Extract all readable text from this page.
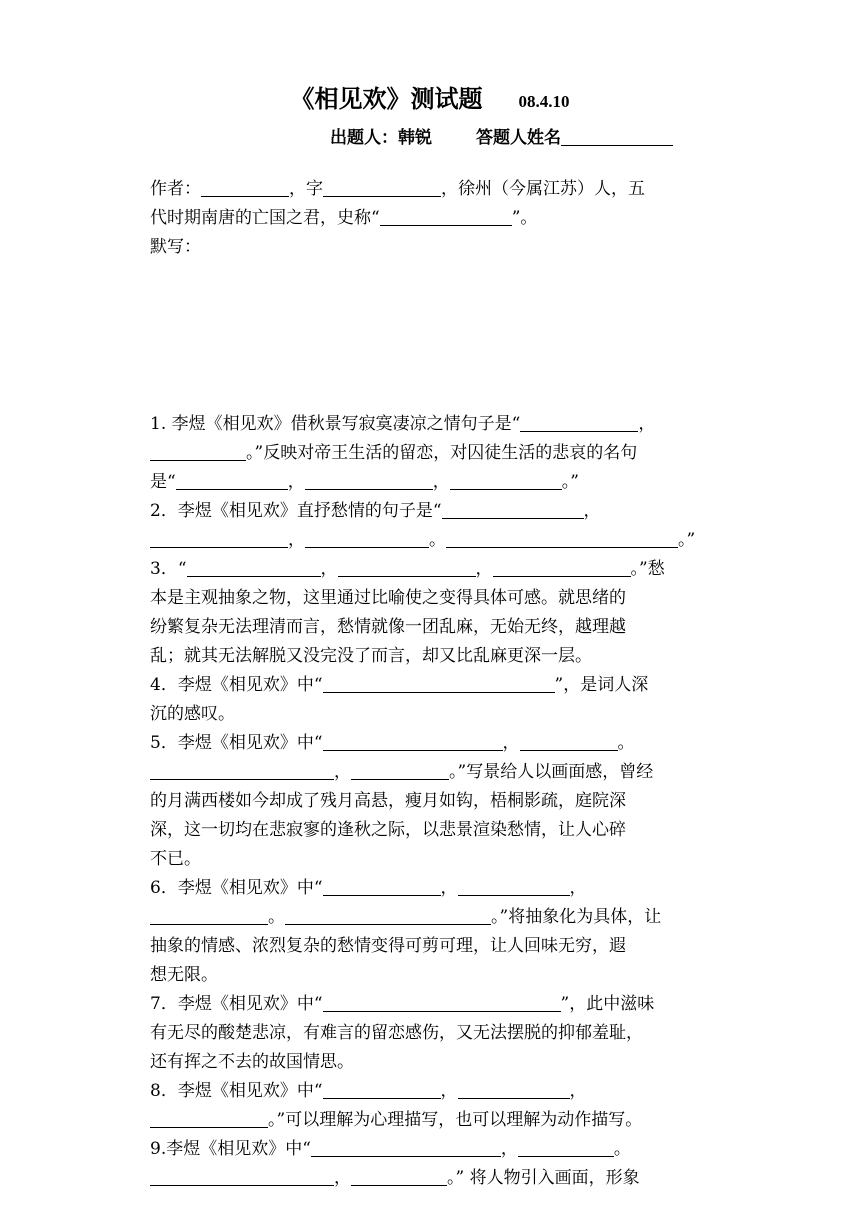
《相见欢》测试题 08.4.10
出题人：韩锐	答题人姓名
作者：	，字	，徐州（今属江苏）人，五
代时期南唐的亡国之君，史称“	”。
默写：
1. 李煜《相见欢》借秋景写寂寞凄凉之情句子是“	，
。”反映对帝王生活的留恋，对囚徒生活的悲哀的名句
是“	，	，	。”
2．李煜《相见欢》直抒愁情的句子是“	，
，	。	。”
3．“	，	，	。”愁
本是主观抽象之物，这里通过比喻使之变得具体可感。就思绪的
纷繁复杂无法理清而言，愁情就像一团乱麻，无始无终，越理越
乱；就其无法解脱又没完没了而言，却又比乱麻更深一层。
4．李煜《相见欢》中“	”，是词人深
沉的感叹。
5．李煜《相见欢》中“	，	。
，	。”写景给人以画面感，曾经
的月满西楼如今却成了残月高悬，瘦月如钩，梧桐影疏，庭院深
深，这一切均在悲寂寥的逢秋之际，以悲景渲染愁情，让人心碎
不已。
6．李煜《相见欢》中“	，	，
。	。”将抽象化为具体，让
抽象的情感、浓烈复杂的愁情变得可剪可理，让人回味无穷，遐
想无限。
7．李煜《相见欢》中“	”，此中滋味
有无尽的酸楚悲凉，有难言的留恋感伤，又无法摆脱的抑郁羞耻，
还有挥之不去的故国情思。
8．李煜《相见欢》中“	，	，
。”可以理解为心理描写，也可以理解为动作描写。
9.李煜《相见欢》中“	，	。
，	。” 将人物引入画面，形象
